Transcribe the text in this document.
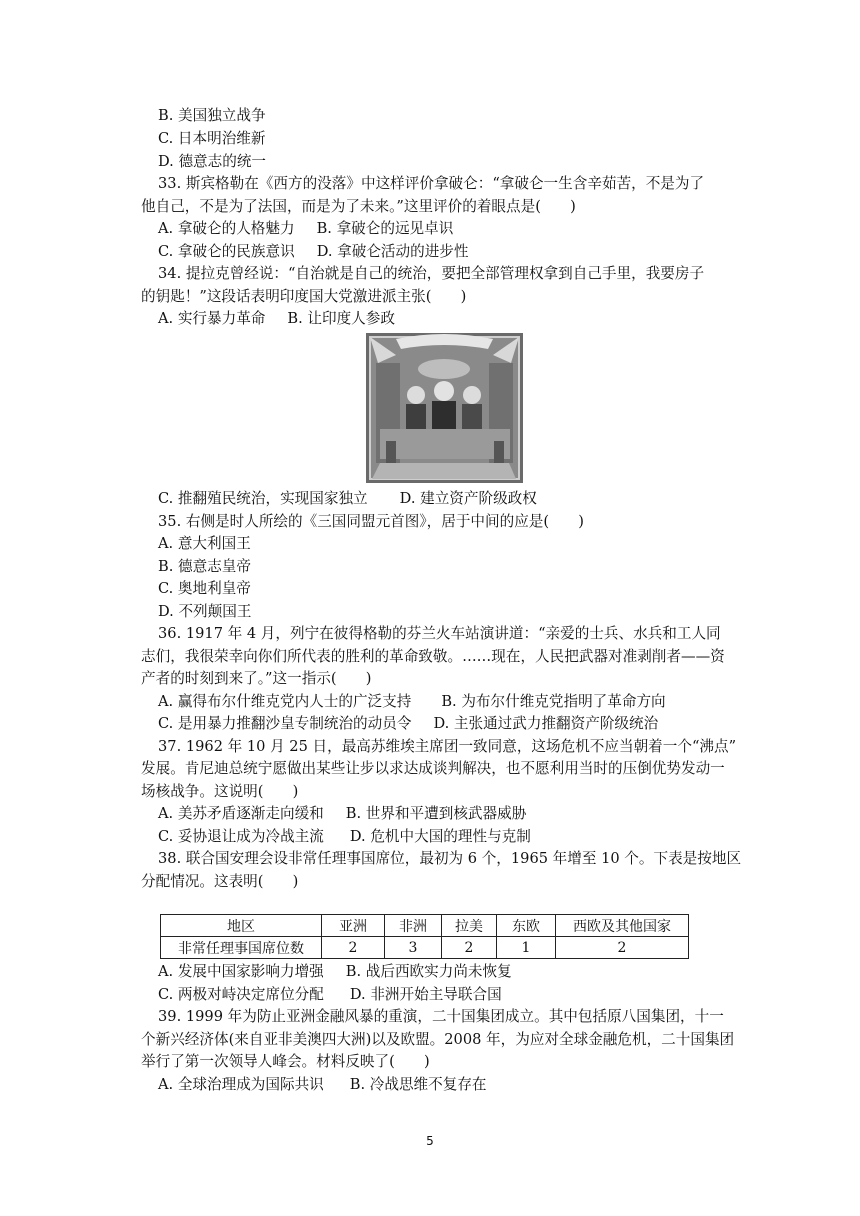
B. 美国独立战争
C. 日本明治维新
D. 德意志的统一
33. 斯宾格勒在《西方的没落》中这样评价拿破仑：“拿破仑一生含辛茹苦，不是为了
他自己，不是为了法国，而是为了未来。”这里评价的着眼点是(　　)
A. 拿破仑的人格魅力 B. 拿破仑的远见卓识
C. 拿破仑的民族意识 D. 拿破仑活动的进步性
34. 提拉克曾经说：“自治就是自己的统治，要把全部管理权拿到自己手里，我要房子
的钥匙！”这段话表明印度国大党激进派主张(　　)
A. 实行暴力革命 B. 让印度人参政
C. 推翻殖民统治，实现国家独立 D. 建立资产阶级政权
35. 右侧是时人所绘的《三国同盟元首图》，居于中间的应是(　　)
A. 意大利国王
B. 德意志皇帝
C. 奥地利皇帝
D. 不列颠国王
36. 1917 年 4 月，列宁在彼得格勒的芬兰火车站演讲道：“亲爱的士兵、水兵和工人同
志们，我很荣幸向你们所代表的胜利的革命致敬。……现在，人民把武器对准剥削者——资
产者的时刻到来了。”这一指示(　　)
A. 赢得布尔什维克党内人士的广泛支持 B. 为布尔什维克党指明了革命方向
C. 是用暴力推翻沙皇专制统治的动员令 D. 主张通过武力推翻资产阶级统治
37. 1962 年 10 月 25 日，最高苏维埃主席团一致同意，这场危机不应当朝着一个“沸点”
发展。肯尼迪总统宁愿做出某些让步以求达成谈判解决，也不愿利用当时的压倒优势发动一
场核战争。这说明(　　)
A. 美苏矛盾逐渐走向缓和 B. 世界和平遭到核武器威胁
C. 妥协退让成为冷战主流 D. 危机中大国的理性与克制
38. 联合国安理会设非常任理事国席位，最初为 6 个，1965 年增至 10 个。下表是按地区
分配情况。这表明(　　)
地区	亚洲	非洲	拉美	东欧	西欧及其他国家
非常任理事国席位数	2	3	2	1	2
A. 发展中国家影响力增强 B. 战后西欧实力尚未恢复
C. 两极对峙决定席位分配 D. 非洲开始主导联合国
39. 1999 年为防止亚洲金融风暴的重演，二十国集团成立。其中包括原八国集团，十一
个新兴经济体(来自亚非美澳四大洲)以及欧盟。2008 年，为应对全球金融危机，二十国集团
举行了第一次领导人峰会。材料反映了(　　)
A. 全球治理成为国际共识 B. 冷战思维不复存在
5
